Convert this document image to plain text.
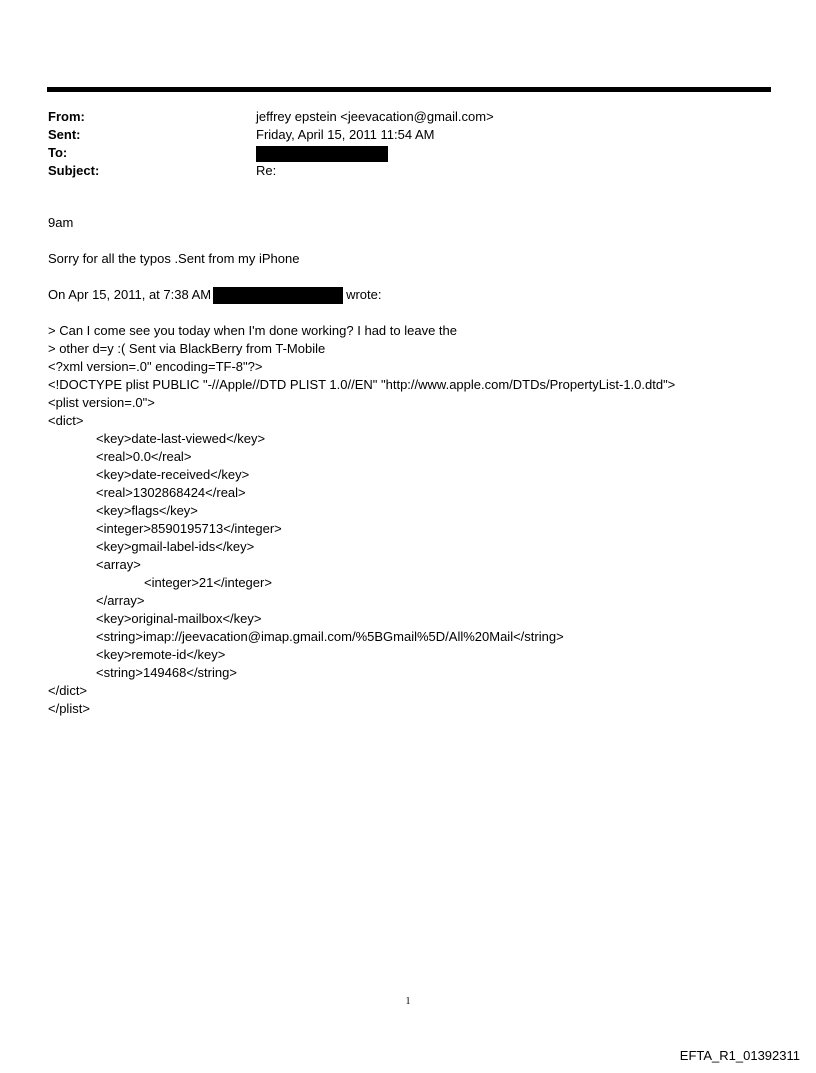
From:	jeffrey epstein <jeevacation@gmail.com>
Sent:	Friday, April 15, 2011 11:54 AM
To:
Subject:	Re:

9am

Sorry for all the typos .Sent from my iPhone

On Apr 15, 2011, at 7:38 AM	wrote:

> Can I come see you today when I'm done working? I had to leave the

> other d=y :( Sent via BlackBerry from T-Mobile

<?xml version=.0" encoding=TF-8"?>

<!DOCTYPE plist PUBLIC "-//Apple//DTD PLIST 1.0//EN" "http://www.apple.com/DTDs/PropertyList-1.0.dtd">

<plist version=.0">

<dict>

<key>date-last-viewed</key>

<real>0.0</real>

<key>date-received</key>

<real>1302868424</real>

<key>flags</key>

<integer>8590195713</integer>

<key>gmail-label-ids</key>

<array>

<integer>21</integer>

</array>

<key>original-mailbox</key>

<string>imap://jeevacation@imap.gmail.com/%5BGmail%5D/All%20Mail</string>

<key>remote-id</key>

<string>149468</string>

</dict>

</plist>

1
EFTA_R1_01392311
